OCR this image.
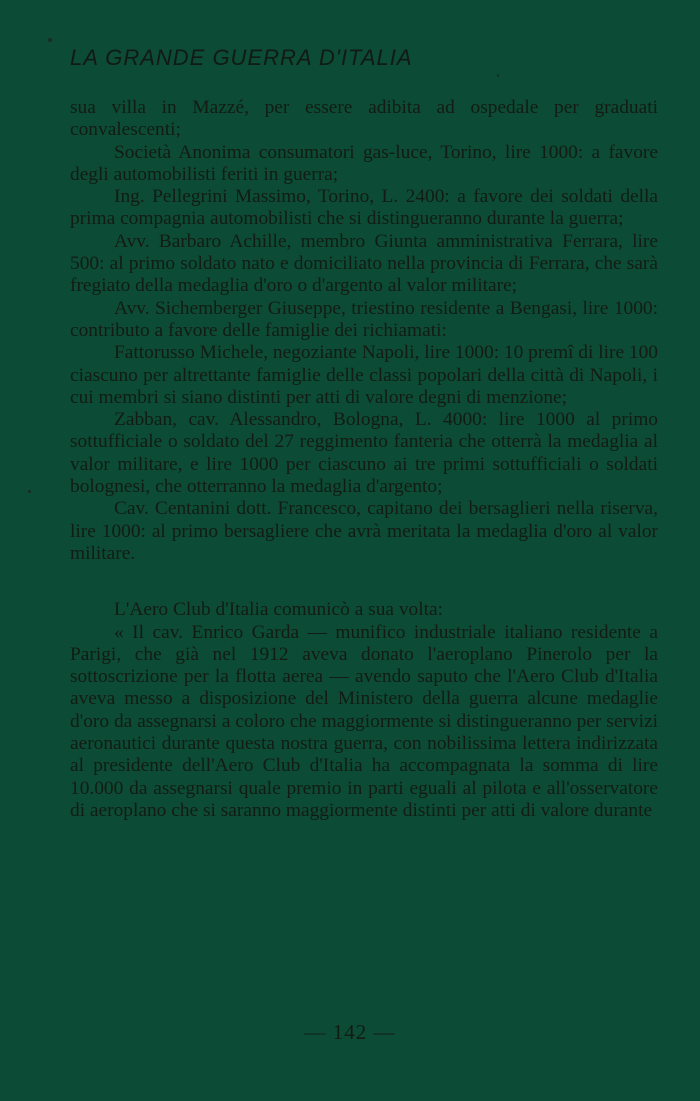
LA GRANDE GUERRA D'ITALIA

sua villa in Mazzé, per essere adibita ad ospedale per graduati convalescenti;

Società Anonima consumatori gas-luce, Torino, lire 1000: a favore degli automobilisti feriti in guerra;

Ing. Pellegrini Massimo, Torino, L. 2400: a favore dei soldati della prima compagnia automobilisti che si distingueranno durante la guerra;

Avv. Barbaro Achille, membro Giunta amministrativa Ferrara, lire 500: al primo soldato nato e domiciliato nella provincia di Ferrara, che sarà fregiato della medaglia d'oro o d'argento al valor militare;

Avv. Sichemberger Giuseppe, triestino residente a Bengasi, lire 1000: contributo a favore delle famiglie dei richiamati:

Fattorusso Michele, negoziante Napoli, lire 1000: 10 premî di lire 100 ciascuno per altrettante famiglie delle classi popolari della città di Napoli, i cui membri si siano distinti per atti di valore degni di menzione;

Zabban, cav. Alessandro, Bologna, L. 4000: lire 1000 al primo sottufficiale o soldato del 27 reggimento fanteria che otterrà la medaglia al valor militare, e lire 1000 per ciascuno ai tre primi sottufficiali o soldati bolognesi, che otterranno la medaglia d'argento;

Cav. Centanini dott. Francesco, capitano dei bersaglieri nella riserva, lire 1000: al primo bersagliere che avrà meritata la medaglia d'oro al valor militare.

L'Aero Club d'Italia comunicò a sua volta:

« Il cav. Enrico Garda — munifico industriale italiano residente a Parigi, che già nel 1912 aveva donato l'aeroplano Pinerolo per la sottoscrizione per la flotta aerea — avendo saputo che l'Aero Club d'Italia aveva messo a disposizione del Ministero della guerra alcune medaglie d'oro da assegnarsi a coloro che maggiormente si distingueranno per servizi aeronautici durante questa nostra guerra, con nobilissima lettera indirizzata al presidente dell'Aero Club d'Italia ha accompagnata la somma di lire 10.000 da assegnarsi quale premio in parti eguali al pilota e all'osservatore di aeroplano che si saranno maggiormente distinti per atti di valore durante

— 142 —
